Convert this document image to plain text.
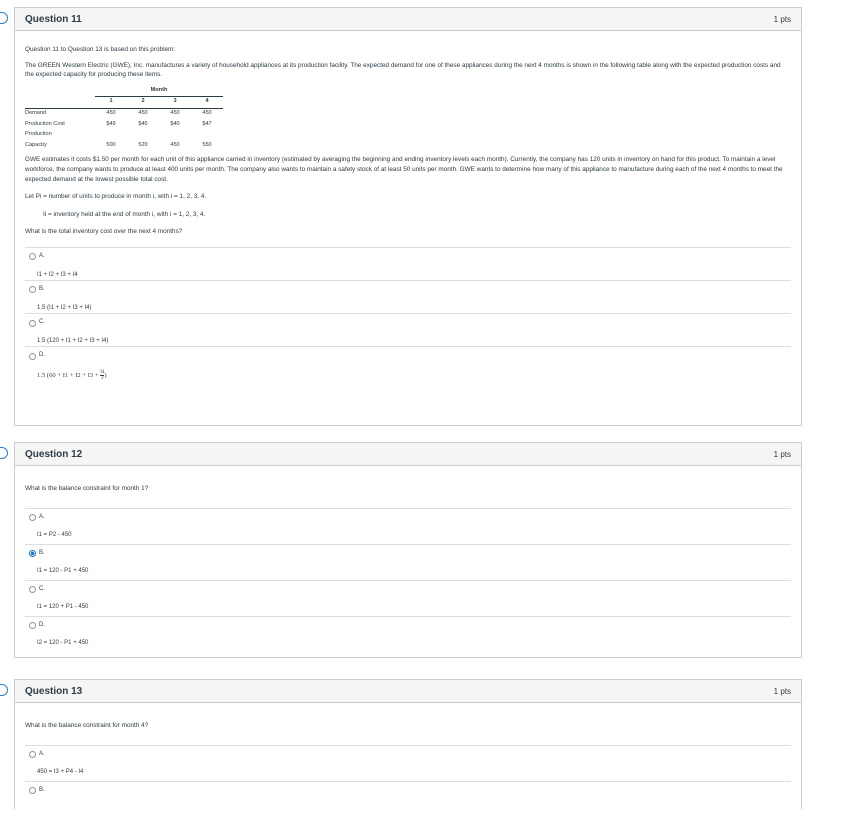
Question 11	1 pts

Question 11 to Question 13 is based on this problem:

The GREEN Western Electric (GWE), Inc. manufactures a variety of household appliances at its production facility. The expected demand for one of these appliances during the next 4 months is shown in the following table along with the expected production costs and the expected capacity for producing these items.

	Month			
	1	2	3	4
Demand	450	450	450	450
Production Cost	$49	$45	$40	$47
Production				
Capacity	500	520	450	550

GWE estimates it costs $1.50 per month for each unit of this appliance carried in inventory (estimated by averaging the beginning and ending inventory levels each month). Currently, the company has 120 units in inventory on hand for this product. To maintain a level workforce, the company wants to produce at least 400 units per month. The company also wants to maintain a safety stock of at least 50 units per month. GWE wants to determine how many of this appliance to manufacture during each of the next 4 months to meet the expected demand at the lowest possible total cost.

Let Pi = number of units to produce in month i, with i = 1, 2, 3, 4.

Ii = inventory held at the end of month i, with i = 1, 2, 3, 4.

What is the total inventory cost over the next 4 months?

A.
I1 + I2 + I3 + I4
B.
1.5 (I1 + I2 + I3 + I4)
C.
1.5 (120 + I1 + I2 + I3 + I4)
D.
1.5 $(60 + I1 + I2 + I3 + \frac{I4}{2})$
Question 12	1 pts

What is the balance constraint for month 1?

A.
I1 = P2 - 450
B.
I1 = 120 - P1 + 450
C.
I1 = 120 + P1 - 450
D.
I2 = 120 - P1 + 450
Question 13	1 pts

What is the balance constraint for month 4?

A.
450 = I3 + P4 - I4
B.
